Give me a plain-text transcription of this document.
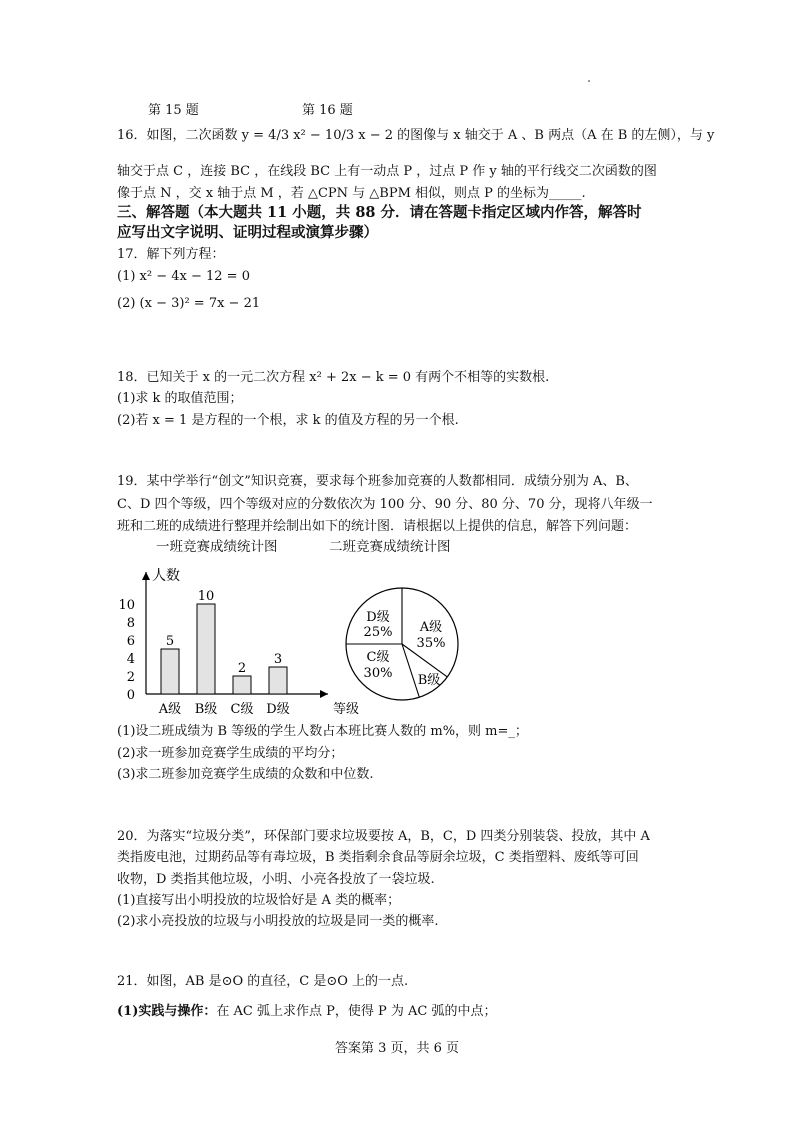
第 15 题	第 16 题
16．如图，二次函数 y = 4/3 x² − 10/3 x − 2 的图像与 x 轴交于 A 、B 两点（A 在 B 的左侧），与 y
轴交于点 C ，连接 BC ，在线段 BC 上有一动点 P ，过点 P 作 y 轴的平行线交二次函数的图
像于点 N ，交 x 轴于点 M ，若 △CPN 与 △BPM 相似，则点 P 的坐标为_____.
三、解答题（本大题共 11 小题，共 88 分．请在答题卡指定区域内作答，解答时
应写出文字说明、证明过程或演算步骤）
17．解下列方程：
(1) x² − 4x − 12 = 0
(2) (x − 3)² = 7x − 21
18．已知关于 x 的一元二次方程 x² + 2x − k = 0 有两个不相等的实数根.
(1)求 k 的取值范围；
(2)若 x = 1 是方程的一个根，求 k 的值及方程的另一个根.
19．某中学举行“创文”知识竞赛，要求每个班参加竞赛的人数都相同．成绩分别为 A、B、
C、D 四个等级，四个等级对应的分数依次为 100 分、90 分、80 分、70 分，现将八年级一
班和二班的成绩进行整理并绘制出如下的统计图．请根据以上提供的信息，解答下列问题：
一班竞赛成绩统计图	二班竞赛成绩统计图
人数
等级
0
2
4
6
8
10
5
A级
10
B级
2
C级
3
D级
A级
35%
B级
C级
30%
D级
25%
(1)设二班成绩为 B 等级的学生人数占本班比赛人数的 m%，则 m=_；
(2)求一班参加竞赛学生成绩的平均分；
(3)求二班参加竞赛学生成绩的众数和中位数.
20．为落实“垃圾分类”，环保部门要求垃圾要按 A，B，C，D 四类分别装袋、投放，其中 A
类指废电池，过期药品等有毒垃圾，B 类指剩余食品等厨余垃圾，C 类指塑料、废纸等可回
收物，D 类指其他垃圾，小明、小亮各投放了一袋垃圾.
(1)直接写出小明投放的垃圾恰好是 A 类的概率；
(2)求小亮投放的垃圾与小明投放的垃圾是同一类的概率.
21．如图，AB 是⊙O 的直径，C 是⊙O 上的一点.
(1)实践与操作：在 AC 弧上求作点 P，使得 P 为 AC 弧的中点；
答案第 3 页，共 6 页
